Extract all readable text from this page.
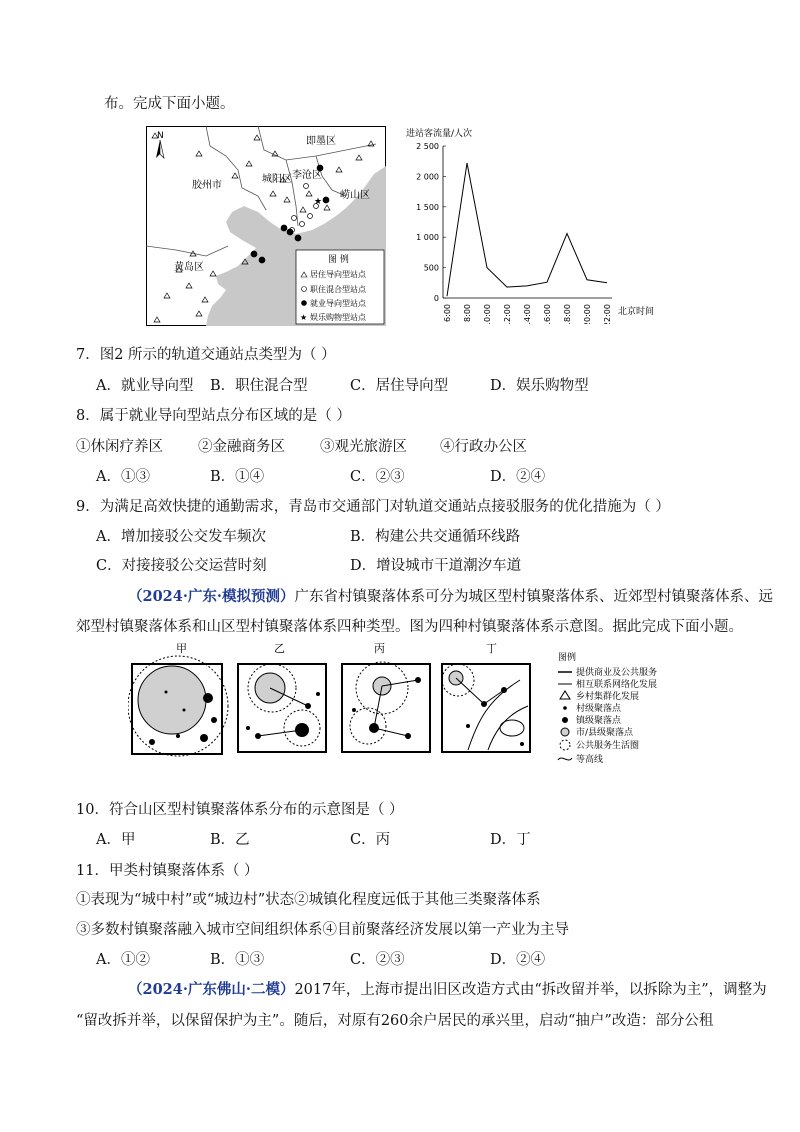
布。完成下面小题。
★
即墨区
胶州市
城阳区 李沧区
崂山区
黄岛区
N
图 例
居住导向型站点
职住混合型站点
就业导向型站点
★ 娱乐购物型站点
进站客流量/人次
2 500
2 000
1 500
1 000
500
0
6:00 8:00 10:00 12:00 14:00 16:00 18:00 20:00 22:00 北京时间
7．图2 所示的轨道交通站点类型为（ ）
A．就业导向型 B．职住混合型	C．居住导向型	D．娱乐购物型
8．属于就业导向型站点分布区域的是（ ）
①休闲疗养区 ②金融商务区 ③观光旅游区 ④行政办公区
A．①③	B．①④	C．②③	D．②④
9．为满足高效快捷的通勤需求，青岛市交通部门对轨道交通站点接驳服务的优化措施为（ ）
A．增加接驳公交发车频次	B．构建公共交通循环线路
C．对接接驳公交运营时刻	D．增设城市干道潮汐车道
（2024·广东·模拟预测）广东省村镇聚落体系可分为城区型村镇聚落体系、近郊型村镇聚落体系、远
郊型村镇聚落体系和山区型村镇聚落体系四种类型。图为四种村镇聚落体系示意图。据此完成下面小题。
甲	乙	丙	丁
图例
提供商业及公共服务
相互联系网络化发展
乡村集群化发展
村级聚落点
镇级聚落点
市/县级聚落点
公共服务生活圈
等高线
10．符合山区型村镇聚落体系分布的示意图是（ ）
A．甲	B．乙	C．丙	D．丁
11．甲类村镇聚落体系（ ）
①表现为“城中村”或“城边村”状态②城镇化程度远低于其他三类聚落体系
③多数村镇聚落融入城市空间组织体系④目前聚落经济发展以第一产业为主导
A．①②	B．①③	C．②③	D．②④
（2024·广东佛山·二模）2017年，上海市提出旧区改造方式由“拆改留并举，以拆除为主”，调整为
“留改拆并举，以保留保护为主”。随后，对原有260余户居民的承兴里，启动“抽户”改造：部分公租
